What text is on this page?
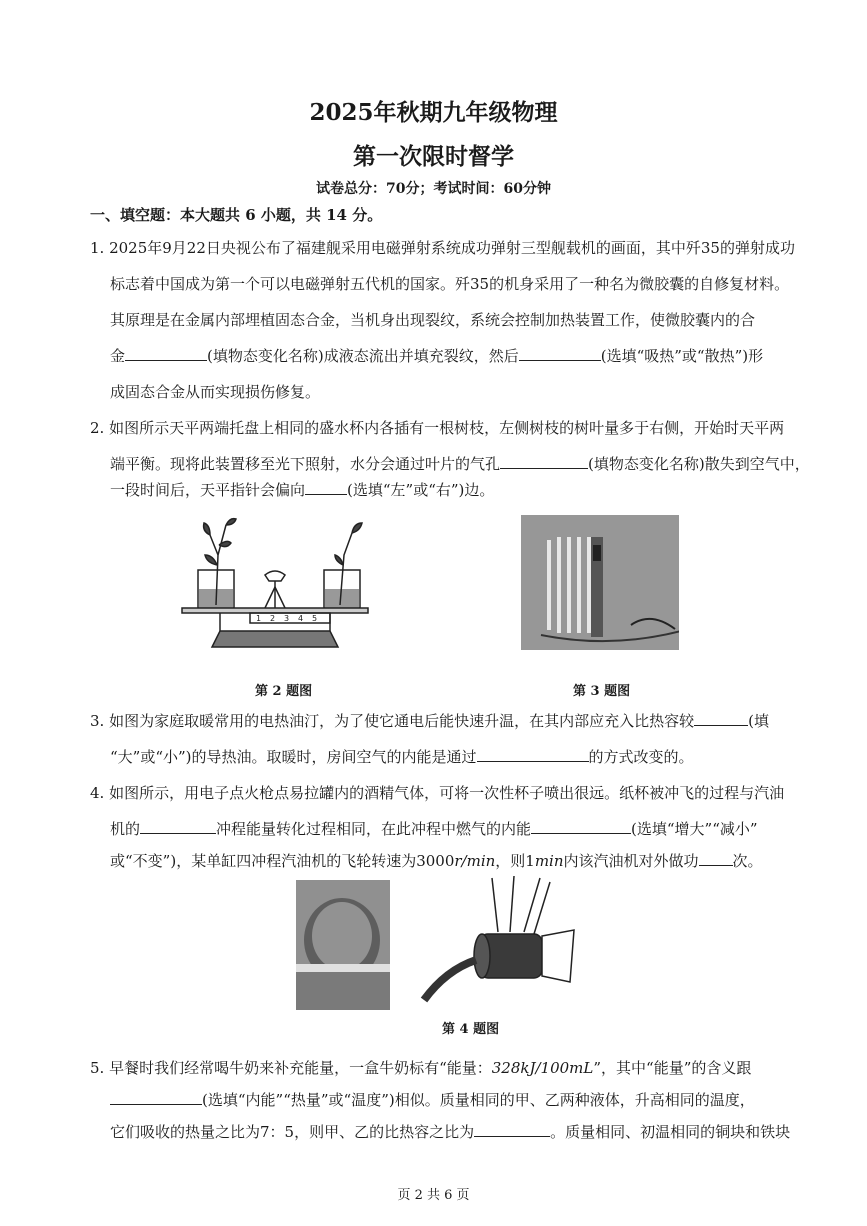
2025年秋期九年级物理
第一次限时督学
试卷总分：70分；考试时间：60分钟
一、填空题：本大题共 6 小题，共 14 分。
1. 2025年9月22日央视公布了福建舰采用电磁弹射系统成功弹射三型舰载机的画面，其中歼35的弹射成功
标志着中国成为第一个可以电磁弹射五代机的国家。歼35的机身采用了一种名为微胶囊的自修复材料。
其原理是在金属内部埋植固态合金，当机身出现裂纹，系统会控制加热装置工作，使微胶囊内的合
金	(填物态变化名称)成液态流出并填充裂纹，然后	(选填“吸热”或“散热”)形
成固态合金从而实现损伤修复。
2. 如图所示天平两端托盘上相同的盛水杯内各插有一根树枝，左侧树枝的树叶量多于右侧，开始时天平两
端平衡。现将此装置移至光下照射，水分会通过叶片的气孔	(填物态变化名称)散失到空气中，
一段时间后，天平指针会偏向	(选填“左”或“右”)边。
1 2 3 4 5
第 2 题图	第 3 题图
3. 如图为家庭取暖常用的电热油汀，为了使它通电后能快速升温，在其内部应充入比热容较	(填
“大”或“小”)的导热油。取暖时，房间空气的内能是通过	的方式改变的。
4. 如图所示，用电子点火枪点易拉罐内的酒精气体，可将一次性杯子喷出很远。纸杯被冲飞的过程与汽油
机的	冲程能量转化过程相同，在此冲程中燃气的内能	(选填“增大”“减小”
或“不变”)，某单缸四冲程汽油机的飞轮转速为3000r/min，则1min内该汽油机对外做功 次。
第 4 题图
5. 早餐时我们经常喝牛奶来补充能量，一盒牛奶标有“能量：328kJ/100mL”，其中“能量”的含义跟
(选填“内能”“热量”或“温度”)相似。质量相同的甲、乙两种液体，升高相同的温度，
它们吸收的热量之比为7：5，则甲、乙的比热容之比为	。质量相同、初温相同的铜块和铁块
页 2 共 6 页
